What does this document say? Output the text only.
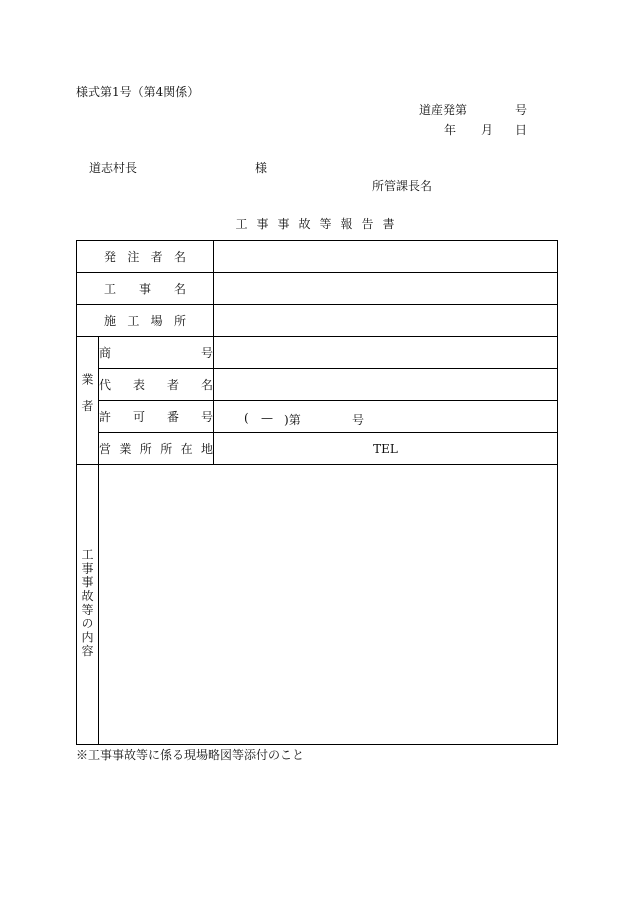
様式第1号（第4関係）
道産発第	号
年 月 日
道志村長	様
所管課長名
工事事故等報告書
発 注 者 名		
工 事 名		
施 工 場 所		
業者	商 号	
	代 表 者 名	
	許 可 番 号	( — )第 号

	営 業 所 所 在 地	TEL
工事事故等の内容		
※工事事故等に係る現場略図等添付のこと
